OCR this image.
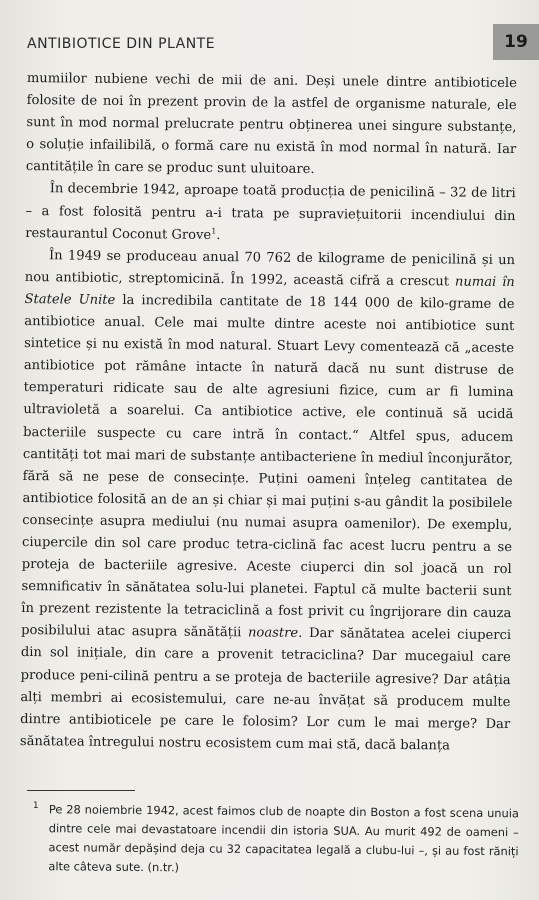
ANTIBIOTICE DIN PLANTE	19

mumiilor nubiene vechi de mii de ani. Deși unele dintre antibioticele folosite de noi în prezent provin de la astfel de organisme naturale, ele sunt în mod normal prelucrate pentru obținerea unei singure substanțe, o soluție infailibilă, o formă care nu există în mod normal în natură. Iar cantitățile în care se produc sunt uluitoare.

În decembrie 1942, aproape toată producția de penicilină – 32 de litri – a fost folosită pentru a-i trata pe supraviețuitorii incendiului din restaurantul Coconut Grove$^1$.

În 1949 se produceau anual 70 762 de kilograme de penicilină și un nou antibiotic, streptomicină. În 1992, această cifră a crescut numai în Statele Unite la incredibila cantitate de 18 144 000 de kilo-grame de antibiotice anual. Cele mai multe dintre aceste noi antibiotice sunt sintetice și nu există în mod natural. Stuart Levy comentează că „aceste antibiotice pot rămâne intacte în natură dacă nu sunt distruse de temperaturi ridicate sau de alte agresiuni fizice, cum ar fi lumina ultravioletă a soarelui. Ca antibiotice active, ele continuă să ucidă bacteriile suspecte cu care intră în contact.“ Altfel spus, aducem cantități tot mai mari de substanțe antibacteriene în mediul înconjurător, fără să ne pese de consecințe. Puțini oameni înțeleg cantitatea de antibiotice folosită an de an și chiar și mai puțini s-au gândit la posibilele consecințe asupra mediului (nu numai asupra oamenilor). De exemplu, ciupercile din sol care produc tetra-ciclină fac acest lucru pentru a se proteja de bacteriile agresive. Aceste ciuperci din sol joacă un rol semnificativ în sănătatea solu-lui planetei. Faptul că multe bacterii sunt în prezent rezistente la tetraciclină a fost privit cu îngrijorare din cauza posibilului atac asupra sănătății noastre. Dar sănătatea acelei ciuperci din sol inițiale, din care a provenit tetraciclina? Dar mucegaiul care produce peni-cilină pentru a se proteja de bacteriile agresive? Dar atâția alți membri ai ecosistemului, care ne-au învățat să producem multe dintre antibioticele pe care le folosim? Lor cum le mai merge? Dar sănătatea întregului nostru ecosistem cum mai stă, dacă balanța

1 Pe 28 noiembrie 1942, acest faimos club de noapte din Boston a fost scena unuia dintre cele mai devastatoare incendii din istoria SUA. Au murit 492 de oameni – acest număr depășind deja cu 32 capacitatea legală a clubu-lui –, și au fost răniți alte câteva sute. (n.tr.)
